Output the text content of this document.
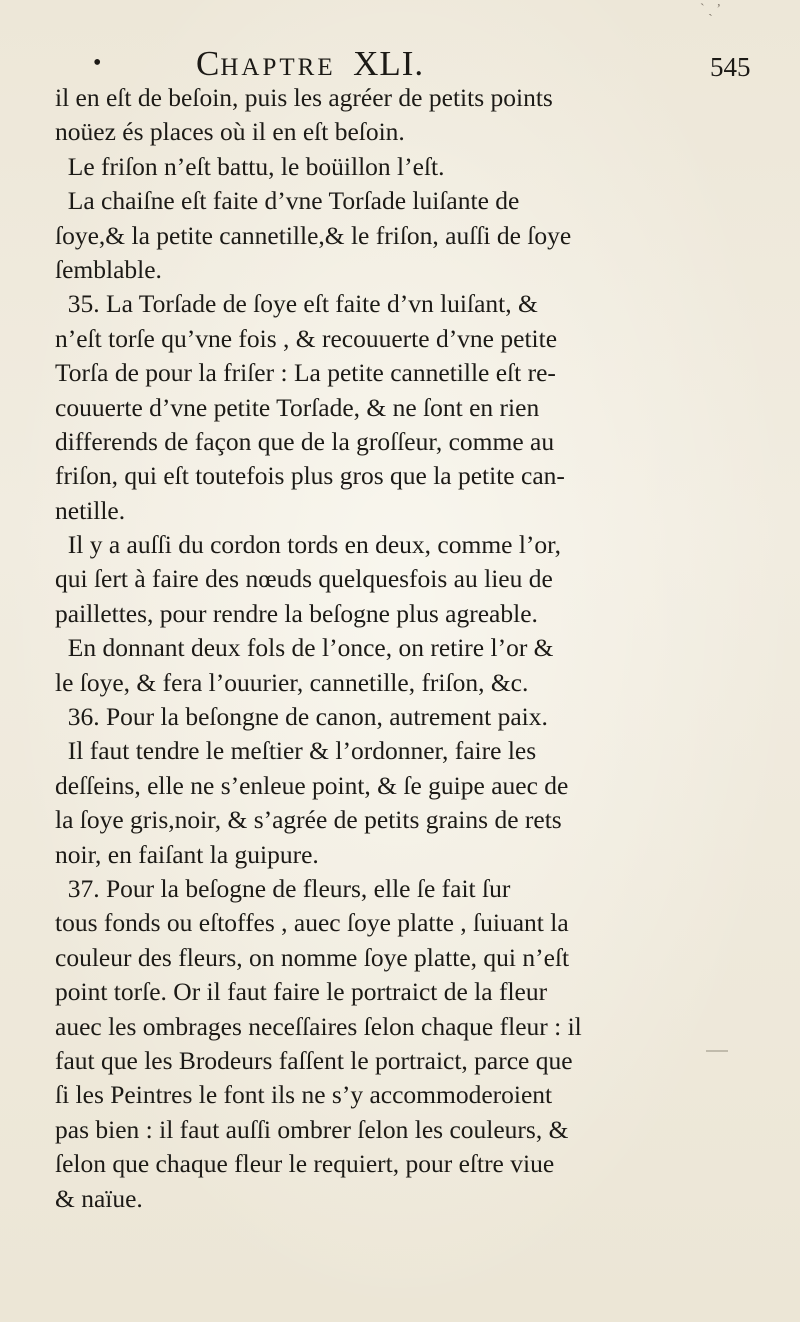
ˋ ˏ ʼ
•	CHAPTRE XLI.	545
il en eſt de beſoin, puis les agréer de petits points
noüez és places où il en eſt beſoin.
Le friſon n’eſt battu, le boüillon l’eſt.
La chaiſne eſt faite d’vne Torſade luiſante de
ſoye,& la petite cannetille,& le friſon, auſſi de ſoye
ſemblable.
35. La Torſade de ſoye eſt faite d’vn luiſant, &
n’eſt torſe qu’vne fois , & recouuerte d’vne petite
Torſa de pour la friſer : La petite cannetille eſt re-
couuerte d’vne petite Torſade, & ne ſont en rien
differends de façon que de la groſſeur, comme au
friſon, qui eſt toutefois plus gros que la petite can-
netille.
Il y a auſſi du cordon tords en deux, comme l’or,
qui ſert à faire des nœuds quelquesfois au lieu de
paillettes, pour rendre la beſogne plus agreable.
En donnant deux fols de l’once, on retire l’or &
le ſoye, & fera l’ouurier, cannetille, friſon, &c.
36. Pour la beſongne de canon, autrement paix.
Il faut tendre le meſtier & l’ordonner, faire les
deſſeins, elle ne s’enleue point, & ſe guipe auec de
la ſoye gris,noir, & s’agrée de petits grains de rets
noir, en faiſant la guipure.
37. Pour la beſogne de fleurs, elle ſe fait ſur
tous fonds ou eſtoffes , auec ſoye platte , ſuiuant la
couleur des fleurs, on nomme ſoye platte, qui n’eſt
point torſe. Or il faut faire le portraict de la fleur
auec les ombrages neceſſaires ſelon chaque fleur : il
faut que les Brodeurs faſſent le portraict, parce que
ſi les Peintres le font ils ne s’y accommoderoient
pas bien : il faut auſſi ombrer ſelon les couleurs, &
ſelon que chaque fleur le requiert, pour eſtre viue
& naïue.
